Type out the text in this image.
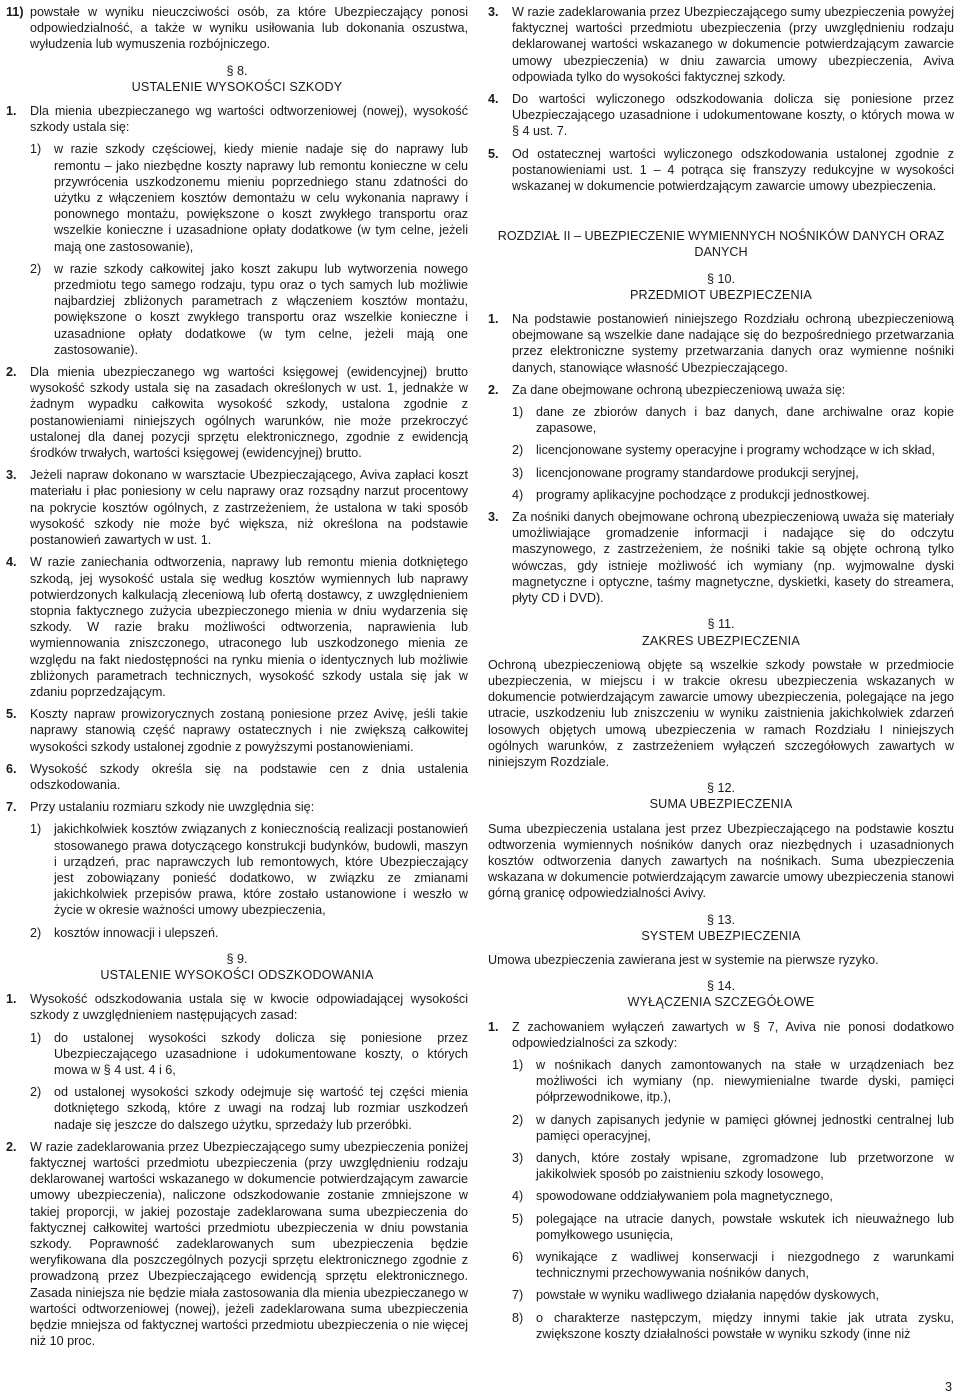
11) powstałe w wyniku nieuczciwości osób, za które Ubezpieczający ponosi odpowiedzialność, a także w wyniku usiłowania lub dokonania oszustwa, wyłudzenia lub wymuszenia rozbójniczego.
§ 8.
USTALENIE WYSOKOŚCI SZKODY
1. Dla mienia ubezpieczanego wg wartości odtworzeniowej (nowej), wysokość szkody ustala się:
1) w razie szkody częściowej, kiedy mienie nadaje się do naprawy lub remontu – jako niezbędne koszty naprawy lub remontu konieczne w celu przywrócenia uszkodzonemu mieniu poprzedniego stanu zdatności do użytku z włączeniem kosztów demontażu w celu wykonania naprawy i ponownego montażu, powiększone o koszt zwykłego transportu oraz wszelkie konieczne i uzasadnione opłaty dodatkowe (w tym celne, jeżeli mają one zastosowanie),
2) w razie szkody całkowitej jako koszt zakupu lub wytworzenia nowego przedmiotu tego samego rodzaju, typu oraz o tych samych lub możliwie najbardziej zbliżonych parametrach z włączeniem kosztów montażu, powiększone o koszt zwykłego transportu oraz wszelkie konieczne i uzasadnione opłaty dodatkowe (w tym celne, jeżeli mają one zastosowanie).
2. Dla mienia ubezpieczanego wg wartości księgowej (ewidencyjnej) brutto wysokość szkody ustala się na zasadach określonych w ust. 1, jednakże w żadnym wypadku całkowita wysokość szkody, ustalona zgodnie z postanowieniami niniejszych ogólnych warunków, nie może przekroczyć ustalonej dla danej pozycji sprzętu elektronicznego, zgodnie z ewidencją środków trwałych, wartości księgowej (ewidencyjnej) brutto.
3. Jeżeli napraw dokonano w warsztacie Ubezpieczającego, Aviva zapłaci koszt materiału i płac poniesiony w celu naprawy oraz rozsądny narzut procentowy na pokrycie kosztów ogólnych, z zastrzeżeniem, że ustalona w taki sposób wysokość szkody nie może być większa, niż określona na podstawie postanowień zawartych w ust. 1.
4. W razie zaniechania odtworzenia, naprawy lub remontu mienia dotkniętego szkodą, jej wysokość ustala się według kosztów wymiennych lub naprawy potwierdzonych kalkulacją zleceniową lub ofertą dostawcy, z uwzględnieniem stopnia faktycznego zużycia ubezpieczonego mienia w dniu wydarzenia się szkody. W razie braku możliwości odtworzenia, naprawienia lub wymiennowania zniszczonego, utraconego lub uszkodzonego mienia ze względu na fakt niedostępności na rynku mienia o identycznych lub możliwie zbliżonych parametrach technicznych, wysokość szkody ustala się jak w zdaniu poprzedzającym.
5. Koszty napraw prowizorycznych zostaną poniesione przez Avivę, jeśli takie naprawy stanowią część naprawy ostatecznych i nie zwiększą całkowitej wysokości szkody ustalonej zgodnie z powyższymi postanowieniami.
6. Wysokość szkody określa się na podstawie cen z dnia ustalenia odszkodowania.
7. Przy ustalaniu rozmiaru szkody nie uwzględnia się:
1) jakichkolwiek kosztów związanych z koniecznością realizacji postanowień stosowanego prawa dotyczącego konstrukcji budynków, budowli, maszyn i urządzeń, prac naprawczych lub remontowych, które Ubezpieczający jest zobowiązany ponieść dodatkowo, w związku ze zmianami jakichkolwiek przepisów prawa, które zostało ustanowione i weszło w życie w okresie ważności umowy ubezpieczenia,
2) kosztów innowacji i ulepszeń.
§ 9.
USTALENIE WYSOKOŚCI ODSZKODOWANIA
1. Wysokość odszkodowania ustala się w kwocie odpowiadającej wysokości szkody z uwzględnieniem następujących zasad:
1) do ustalonej wysokości szkody dolicza się poniesione przez Ubezpieczającego uzasadnione i udokumentowane koszty, o których mowa w § 4 ust. 4 i 6,
2) od ustalonej wysokości szkody odejmuje się wartość tej części mienia dotkniętego szkodą, które z uwagi na rodzaj lub rozmiar uszkodzeń nadaje się jeszcze do dalszego użytku, sprzedaży lub przeróbki.
2. W razie zadeklarowania przez Ubezpieczającego sumy ubezpieczenia poniżej faktycznej wartości przedmiotu ubezpieczenia (przy uwzględnieniu rodzaju deklarowanej wartości wskazanego w dokumencie potwierdzającym zawarcie umowy ubezpieczenia), naliczone odszkodowanie zostanie zmniejszone w takiej proporcji, w jakiej pozostaje zadeklarowana suma ubezpieczenia do faktycznej całkowitej wartości przedmiotu ubezpieczenia w dniu powstania szkody. Poprawność zadeklarowanych sum ubezpieczenia będzie weryfikowana dla poszczególnych pozycji sprzętu elektronicznego zgodnie z prowadzoną przez Ubezpieczającego ewidencją sprzętu elektronicznego. Zasada niniejsza nie będzie miała zastosowania dla mienia ubezpieczanego w wartości odtworzeniowej (nowej), jeżeli zadeklarowana suma ubezpieczenia będzie mniejsza od faktycznej wartości przedmiotu ubezpieczenia o nie więcej niż 10 proc.
3. W razie zadeklarowania przez Ubezpieczającego sumy ubezpieczenia powyżej faktycznej wartości przedmiotu ubezpieczenia (przy uwzględnieniu rodzaju deklarowanej wartości wskazanego w dokumencie potwierdzającym zawarcie umowy ubezpieczenia) w dniu zawarcia umowy ubezpieczenia, Aviva odpowiada tylko do wysokości faktycznej szkody.
4. Do wartości wyliczonego odszkodowania dolicza się poniesione przez Ubezpieczającego uzasadnione i udokumentowane koszty, o których mowa w § 4 ust. 7.
5. Od ostatecznej wartości wyliczonego odszkodowania ustalonej zgodnie z postanowieniami ust. 1 – 4 potrąca się franszyzy redukcyjne w wysokości wskazanej w dokumencie potwierdzającym zawarcie umowy ubezpieczenia.
ROZDZIAŁ II – UBEZPIECZENIE WYMIENNYCH NOŚNIKÓW DANYCH ORAZ DANYCH
§ 10.
PRZEDMIOT UBEZPIECZENIA
1. Na podstawie postanowień niniejszego Rozdziału ochroną ubezpieczeniową obejmowane są wszelkie dane nadające się do bezpośredniego przetwarzania przez elektroniczne systemy przetwarzania danych oraz wymienne nośniki danych, stanowiące własność Ubezpieczającego.
2. Za dane obejmowane ochroną ubezpieczeniową uważa się:
1) dane ze zbiorów danych i baz danych, dane archiwalne oraz kopie zapasowe,
2) licencjonowane systemy operacyjne i programy wchodzące w ich skład,
3) licencjonowane programy standardowe produkcji seryjnej,
4) programy aplikacyjne pochodzące z produkcji jednostkowej.
3. Za nośniki danych obejmowane ochroną ubezpieczeniową uważa się materiały umożliwiające gromadzenie informacji i nadające się do odczytu maszynowego, z zastrzeżeniem, że nośniki takie są objęte ochroną tylko wówczas, gdy istnieje możliwość ich wymiany (np. wyjmowalne dyski magnetyczne i optyczne, taśmy magnetyczne, dyskietki, kasety do streamera, płyty CD i DVD).
§ 11.
ZAKRES UBEZPIECZENIA

Ochroną ubezpieczeniową objęte są wszelkie szkody powstałe w przedmiocie ubezpieczenia, w miejscu i w trakcie okresu ubezpieczenia wskazanych w dokumencie potwierdzającym zawarcie umowy ubezpieczenia, polegające na jego utracie, uszkodzeniu lub zniszczeniu w wyniku zaistnienia jakichkolwiek zdarzeń losowych objętych umową ubezpieczenia w ramach Rozdziału I niniejszych ogólnych warunków, z zastrzeżeniem wyłączeń szczegółowych zawartych w niniejszym Rozdziale.

§ 12.
SUMA UBEZPIECZENIA

Suma ubezpieczenia ustalana jest przez Ubezpieczającego na podstawie kosztu odtworzenia wymiennych nośników danych oraz niezbędnych i uzasadnionych kosztów odtworzenia danych zawartych na nośnikach. Suma ubezpieczenia wskazana w dokumencie potwierdzającym zawarcie umowy ubezpieczenia stanowi górną granicę odpowiedzialności Avivy.

§ 13.
SYSTEM UBEZPIECZENIA

Umowa ubezpieczenia zawierana jest w systemie na pierwsze ryzyko.

§ 14.
WYŁĄCZENIA SZCZEGÓŁOWE
1. Z zachowaniem wyłączeń zawartych w § 7, Aviva nie ponosi dodatkowo odpowiedzialności za szkody:
1) w nośnikach danych zamontowanych na stałe w urządzeniach bez możliwości ich wymiany (np. niewymienialne twarde dyski, pamięci półprzewodnikowe, itp.),
2) w danych zapisanych jedynie w pamięci głównej jednostki centralnej lub pamięci operacyjnej,
3) danych, które zostały wpisane, zgromadzone lub przetworzone w jakikolwiek sposób po zaistnieniu szkody losowego,
4) spowodowane oddziaływaniem pola magnetycznego,
5) polegające na utracie danych, powstałe wskutek ich nieuważnego lub pomyłkowego usunięcia,
6) wynikające z wadliwej konserwacji i niezgodnego z warunkami technicznymi przechowywania nośników danych,
7) powstałe w wyniku wadliwego działania napędów dyskowych,
8) o charakterze następczym, między innymi takie jak utrata zysku, zwiększone koszty działalności powstałe w wyniku szkody (inne niż
3
